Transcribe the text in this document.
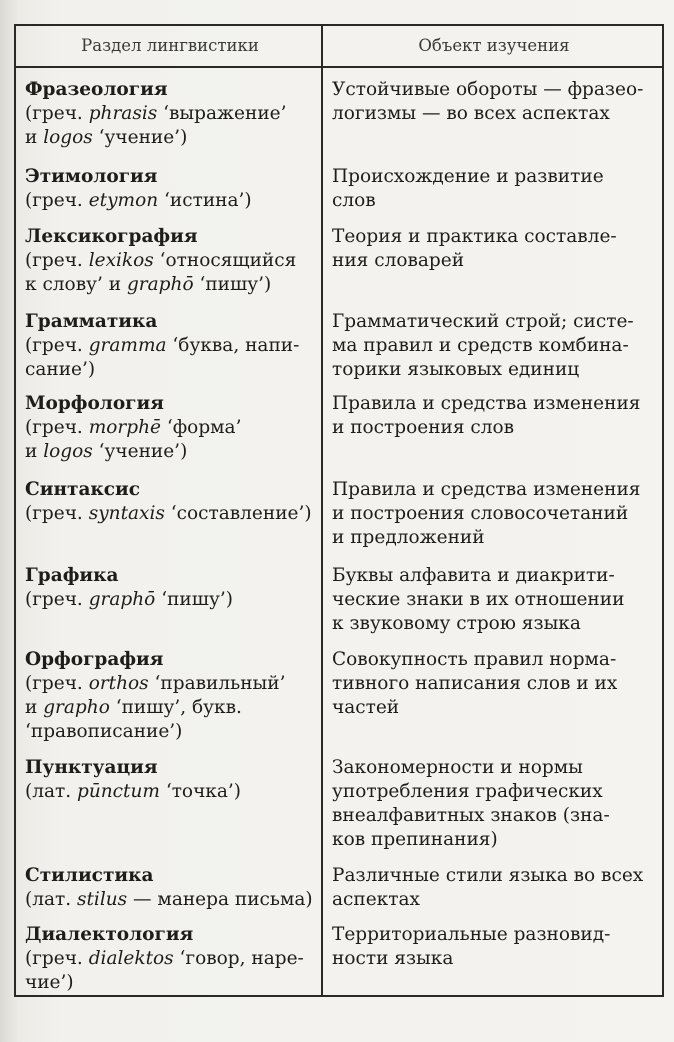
Раздел лингвистики	Объект изучения

Фразеология
(греч. phrasis ‘выражение’
и logos ‘учение’)	Устойчивые обороты — фразео-
логизмы — во всех аспектах

Этимология
(греч. etymon ‘истина’)	Происхождение и развитие
слов

Лексикография
(греч. lexikos ‘относящийся
к слову’ и graphō ‘пишу’)	Теория и практика составле-
ния словарей

Грамматика
(греч. gramma ‘буква, напи-
сание’)	Грамматический строй; систе-
ма правил и средств комбина-
торики языковых единиц

Морфология
(греч. morphē ‘форма’
и logos ‘учение’)	Правила и средства изменения
и построения слов

Синтаксис
(греч. syntaxis ‘составление’)	Правила и средства изменения
и построения словосочетаний
и предложений

Графика
(греч. graphō ‘пишу’)	Буквы алфавита и диакрити-
ческие знаки в их отношении
к звуковому строю языка

Орфография
(греч. orthos ‘правильный’
и grapho ‘пишу’, букв.
‘правописание’)	Совокупность правил норма-
тивного написания слов и их
частей

Пунктуация
(лат. pūnctum ‘точка’)	Закономерности и нормы
употребления графических
внеалфавитных знаков (зна-
ков препинания)

Стилистика
(лат. stilus — манера письма)	Различные стили языка во всех
аспектах

Диалектология
(греч. dialektos ‘говор, наре-
чие’)	Территориальные разновид-
ности языка
